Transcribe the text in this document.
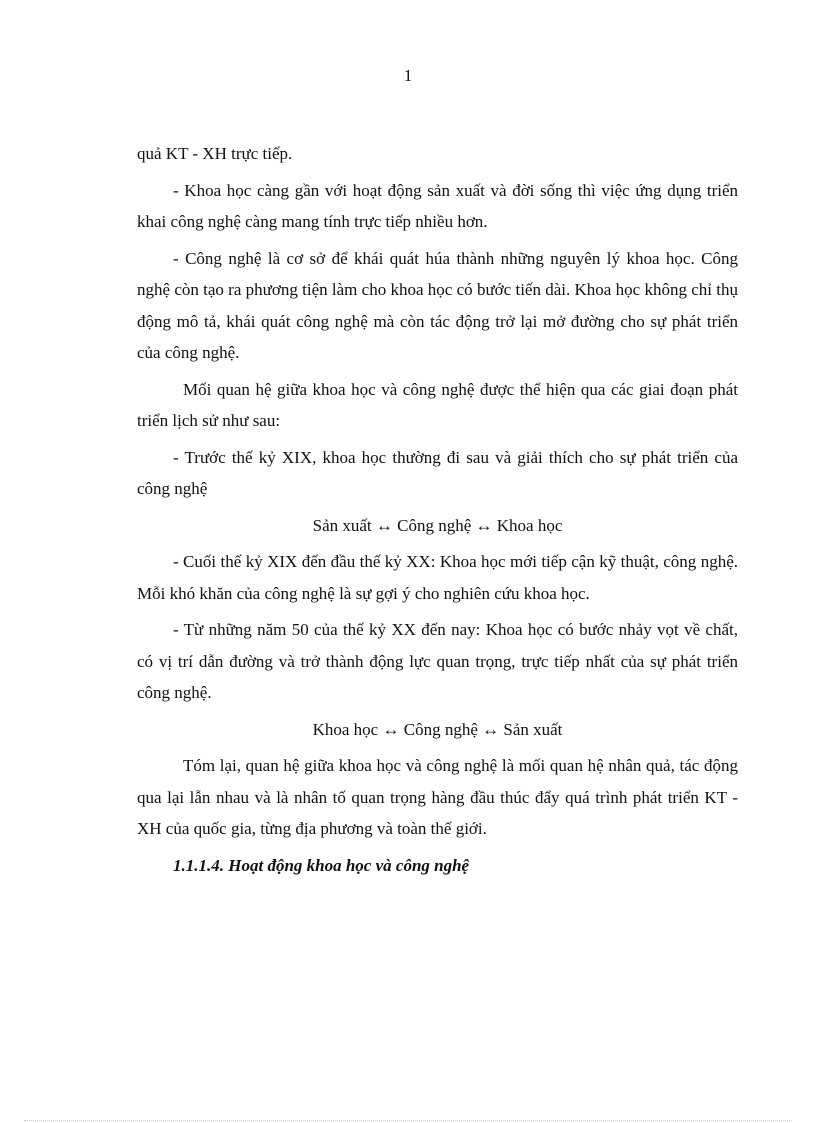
1

quả KT - XH trực tiếp.

- Khoa học càng gần với hoạt động sản xuất và đời sống thì việc ứng dụng triển khai công nghệ càng mang tính trực tiếp nhiều hơn.

- Công nghệ là cơ sở để khái quát húa thành những nguyên lý khoa học. Công nghệ còn tạo ra phương tiện làm cho khoa học có bước tiến dài. Khoa học không chỉ thụ động mô tả, khái quát công nghệ mà còn tác động trở lại mở đường cho sự phát triển của công nghệ.

Mối quan hệ giữa khoa học và công nghệ được thể hiện qua các giai đoạn phát triển lịch sử như sau:

- Trước thế kỷ XIX, khoa học thường đi sau và giải thích cho sự phát triển của công nghệ

Sản xuất ↔ Công nghệ ↔ Khoa học

- Cuối thế kỷ XIX đến đầu thế kỷ XX: Khoa học mới tiếp cận kỹ thuật, công nghệ. Mỗi khó khăn của công nghệ là sự gợi ý cho nghiên cứu khoa học.

- Từ những năm 50 của thế kỷ XX đến nay: Khoa học có bước nhảy vọt về chất, có vị trí dẫn đường và trở thành động lực quan trọng, trực tiếp nhất của sự phát triển công nghệ.

Khoa học ↔ Công nghệ ↔ Sản xuất

Tóm lại, quan hệ giữa khoa học và công nghệ là mối quan hệ nhân quả, tác động qua lại lẫn nhau và là nhân tố quan trọng hàng đầu thúc đẩy quá trình phát triển KT - XH của quốc gia, từng địa phương và toàn thế giới.

1.1.1.4. Hoạt động khoa học và công nghệ
